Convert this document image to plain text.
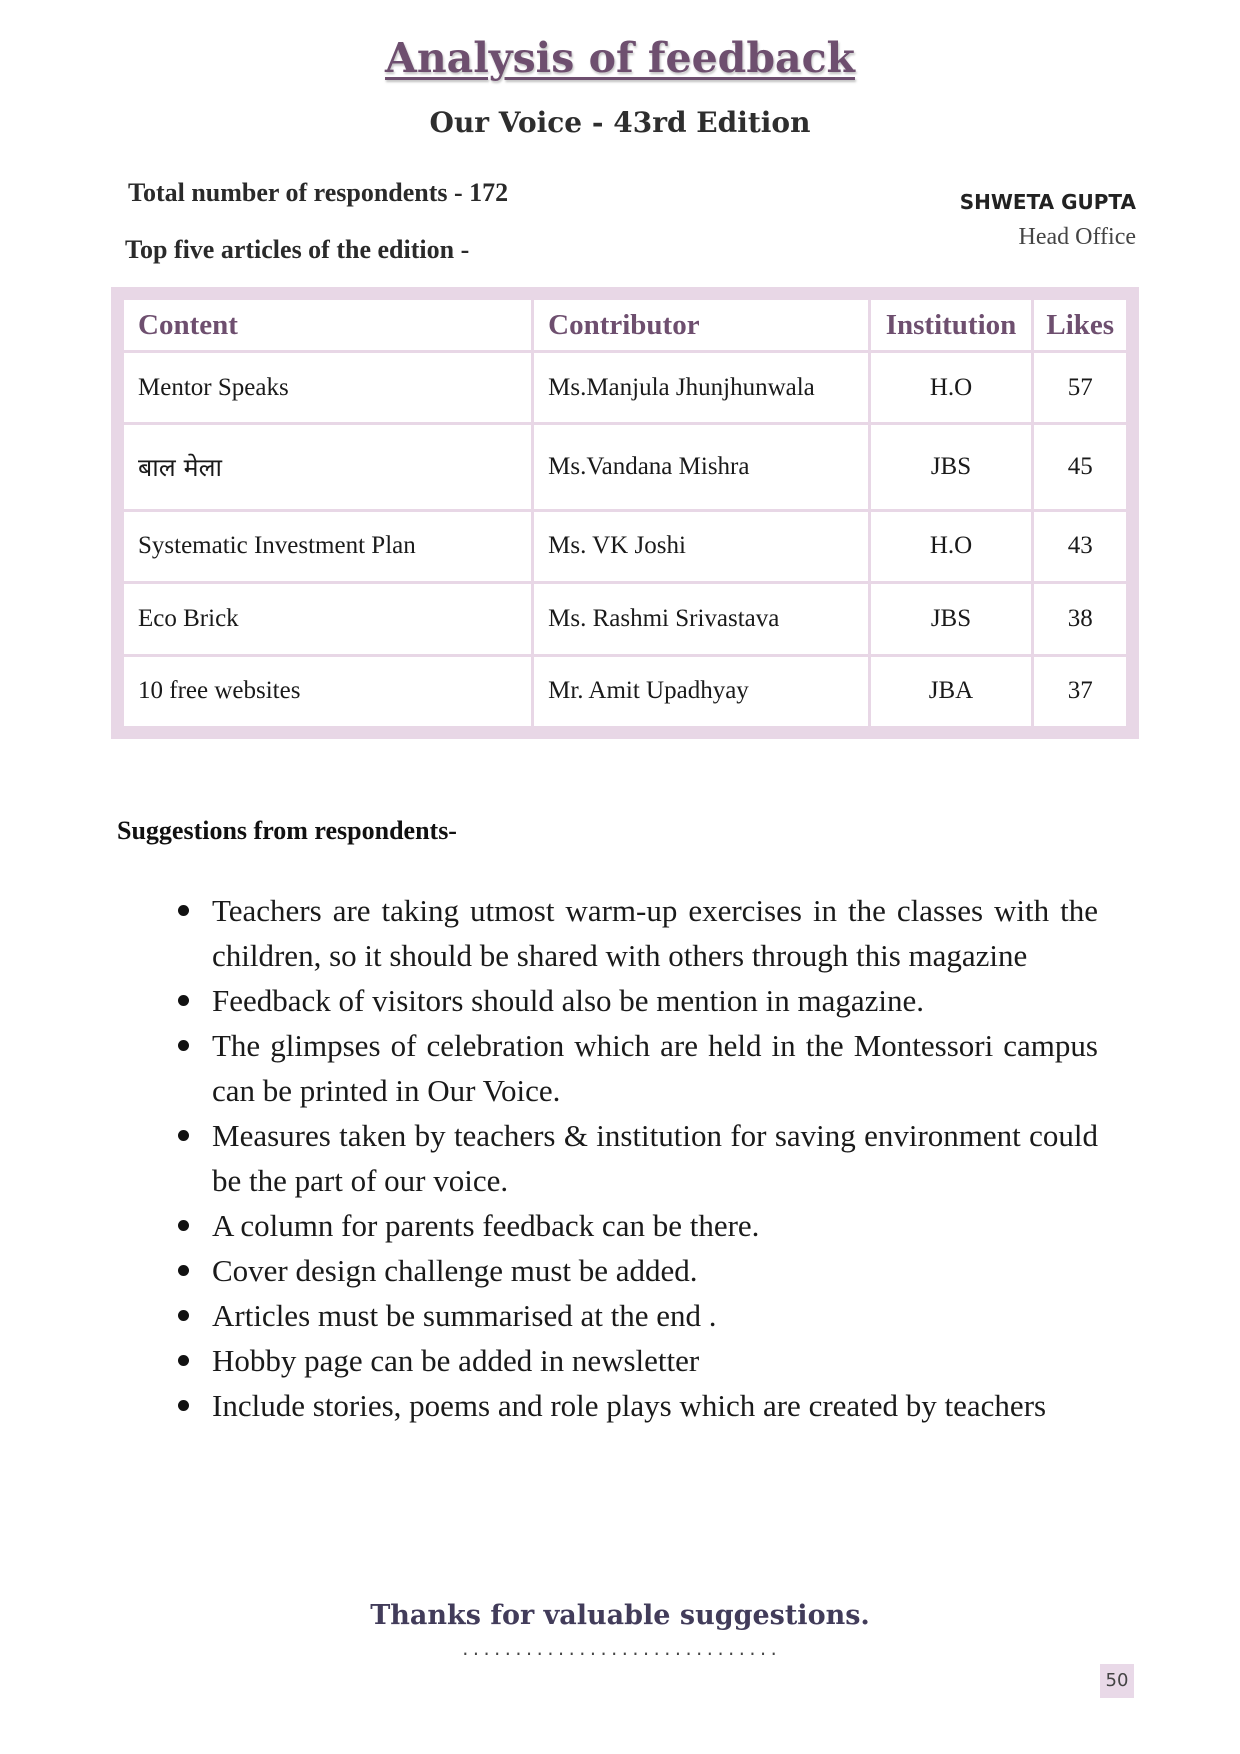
Analysis of feedback
Our Voice - 43rd Edition
Total number of respondents - 172
Top five articles of the edition -
SHWETA GUPTA
Head Office
Content	Contributor	Institution	Likes
Mentor Speaks	Ms.Manjula Jhunjhunwala	H.O	57
बाल मेला	Ms.Vandana Mishra	JBS	45
Systematic Investment Plan	Ms. VK Joshi	H.O	43
Eco Brick	Ms. Rashmi Srivastava	JBS	38
10 free websites	Mr. Amit Upadhyay	JBA	37
Suggestions from respondents-
Teachers are taking utmost warm-up exercises in the classes with the children, so it should be shared with others through this magazine
Feedback of visitors should also be mention in magazine.
The glimpses of celebration which are held in the Montessori campus can be printed in Our Voice.
Measures taken by teachers & institution for saving environment could be the part of our voice.
A column for parents feedback can be there.
Cover design challenge must be added.
Articles must be summarised at the end .
Hobby page can be added in newsletter
Include stories, poems and role plays which are created by teachers
Thanks for valuable suggestions.
..............................
50
